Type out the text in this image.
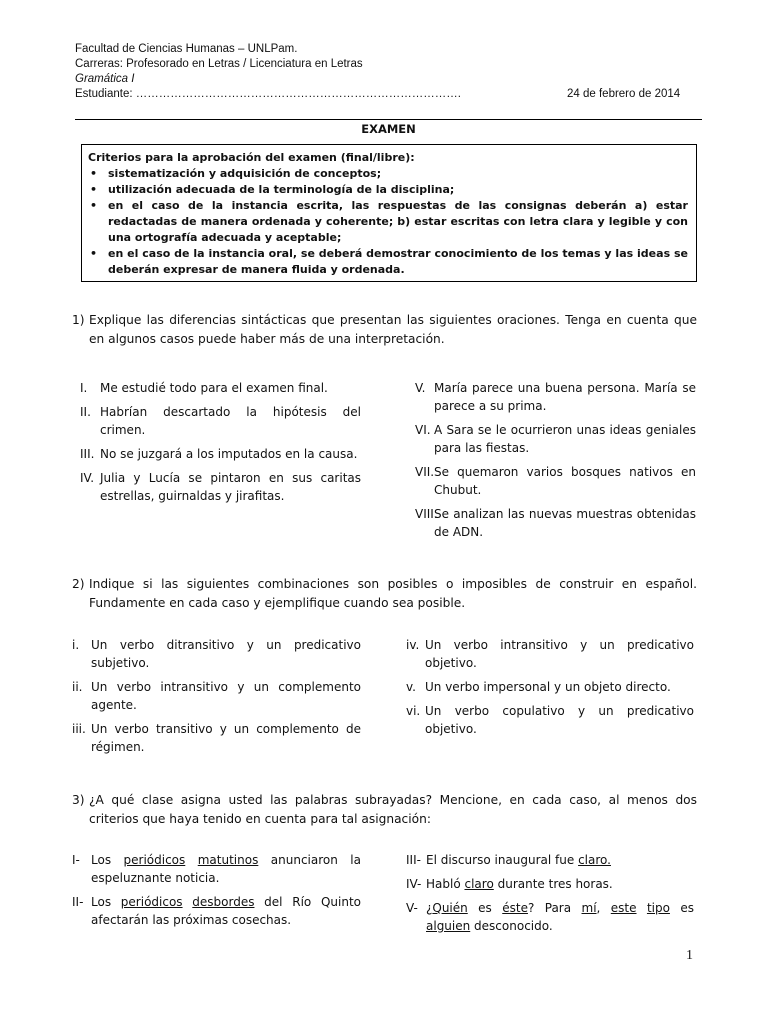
Facultad de Ciencias Humanas – UNLPam.
Carreras: Profesorado en Letras / Licenciatura en Letras
Gramática I
Estudiante: ………………………………………………………………………….	24 de febrero de 2014
EXAMEN
Criterios para la aprobación del examen (final/libre):
• sistematización y adquisición de conceptos;
• utilización adecuada de la terminología de la disciplina;
• en el caso de la instancia escrita, las respuestas de las consignas deberán a) estar redactadas de manera ordenada y coherente; b) estar escritas con letra clara y legible y con una ortografía adecuada y aceptable;
• en el caso de la instancia oral, se deberá demostrar conocimiento de los temas y las ideas se deberán expresar de manera fluida y ordenada.
1) Explique las diferencias sintácticas que presentan las siguientes oraciones. Tenga en cuenta que en algunos casos puede haber más de una interpretación.
I.	Me estudié todo para el examen final.
II. Habrían descartado la hipótesis del crimen.
III. No se juzgará a los imputados en la causa.
IV. Julia y Lucía se pintaron en sus caritas estrellas, guirnaldas y jirafitas.
V. María parece una buena persona. María se parece a su prima.
VI. A Sara se le ocurrieron unas ideas geniales para las fiestas.
VII. Se quemaron varios bosques nativos en Chubut.
VIII.
Se analizan las nuevas muestras obtenidas de ADN.
2) Indique si las siguientes combinaciones son posibles o imposibles de construir en español. Fundamente en cada caso y ejemplifique cuando sea posible.
i. Un verbo ditransitivo y un predicativo subjetivo.
ii. Un verbo intransitivo y un complemento agente.
iii. Un verbo transitivo y un complemento de régimen.
iv. Un verbo intransitivo y un predicativo objetivo.
v. Un verbo impersonal y un objeto directo.
vi. Un verbo copulativo y un predicativo objetivo.
3) ¿A qué clase asigna usted las palabras subrayadas? Mencione, en cada caso, al menos dos criterios que haya tenido en cuenta para tal asignación:
I- Los periódicos matutinos anunciaron la espeluznante noticia.
II- Los periódicos desbordes del Río Quinto afectarán las próximas cosechas.
III- El discurso inaugural fue claro.
IV- Habló claro durante tres horas.
V- ¿Quién es éste? Para mí, este tipo es alguien desconocido.
1
